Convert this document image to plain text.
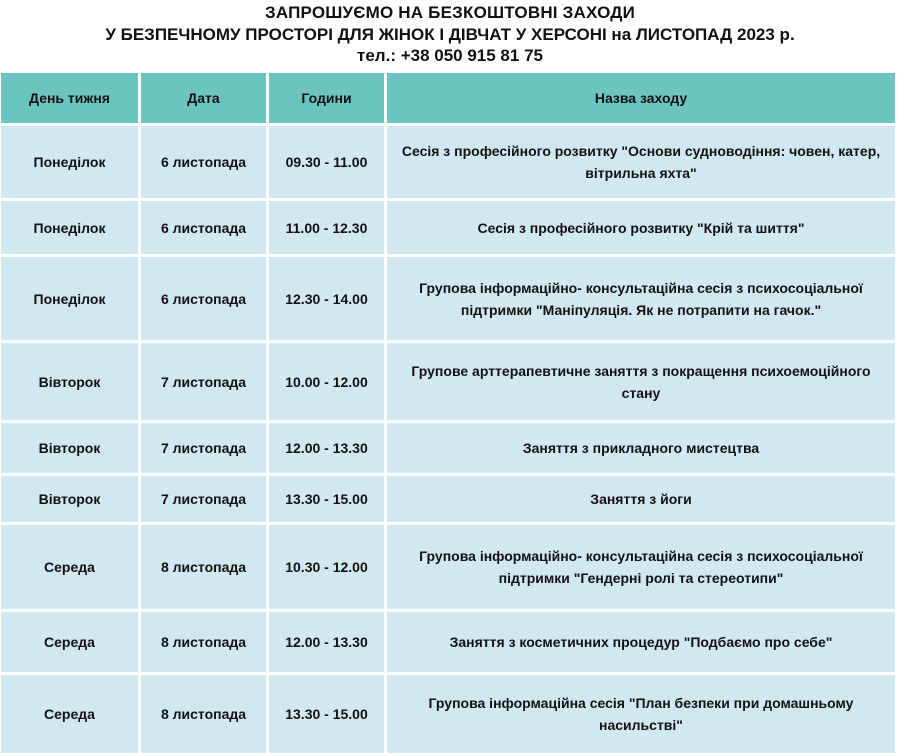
ЗАПРОШУЄМО НА БЕЗКОШТОВНІ ЗАХОДИ
У БЕЗПЕЧНОМУ ПРОСТОРІ ДЛЯ ЖІНОК І ДІВЧАТ У ХЕРСОНІ на ЛИСТОПАД 2023 р.
тел.: +38 050 915 81 75
День тижня	Дата	Години	Назва заходу
Понеділок	6 листопада	09.30 - 11.00	Сесія з професійного розвитку "Основи судноводіння: човен, катер, вітрильна яхта"
Понеділок	6 листопада	11.00 - 12.30	Сесія з професійного розвитку "Крій та шиття"
Понеділок	6 листопада	12.30 - 14.00	Групова інформаційно- консультаційна сесія з психосоціальної підтримки "Маніпуляція. Як не потрапити на гачок."
Вівторок	7 листопада	10.00 - 12.00	Групове арттерапевтичне заняття з покращення психоемоційного стану
Вівторок	7 листопада	12.00 - 13.30	Заняття з прикладного мистецтва
Вівторок	7 листопада	13.30 - 15.00	Заняття з йоги
Середа	8 листопада	10.30 - 12.00	Групова інформаційно- консультаційна сесія з психосоціальної підтримки "Гендерні ролі та стереотипи"
Середа	8 листопада	12.00 - 13.30	Заняття з косметичних процедур "Подбаємо про себе"
Середа	8 листопада	13.30 - 15.00	Групова інформаційна сесія "План безпеки при домашньому насильстві"
